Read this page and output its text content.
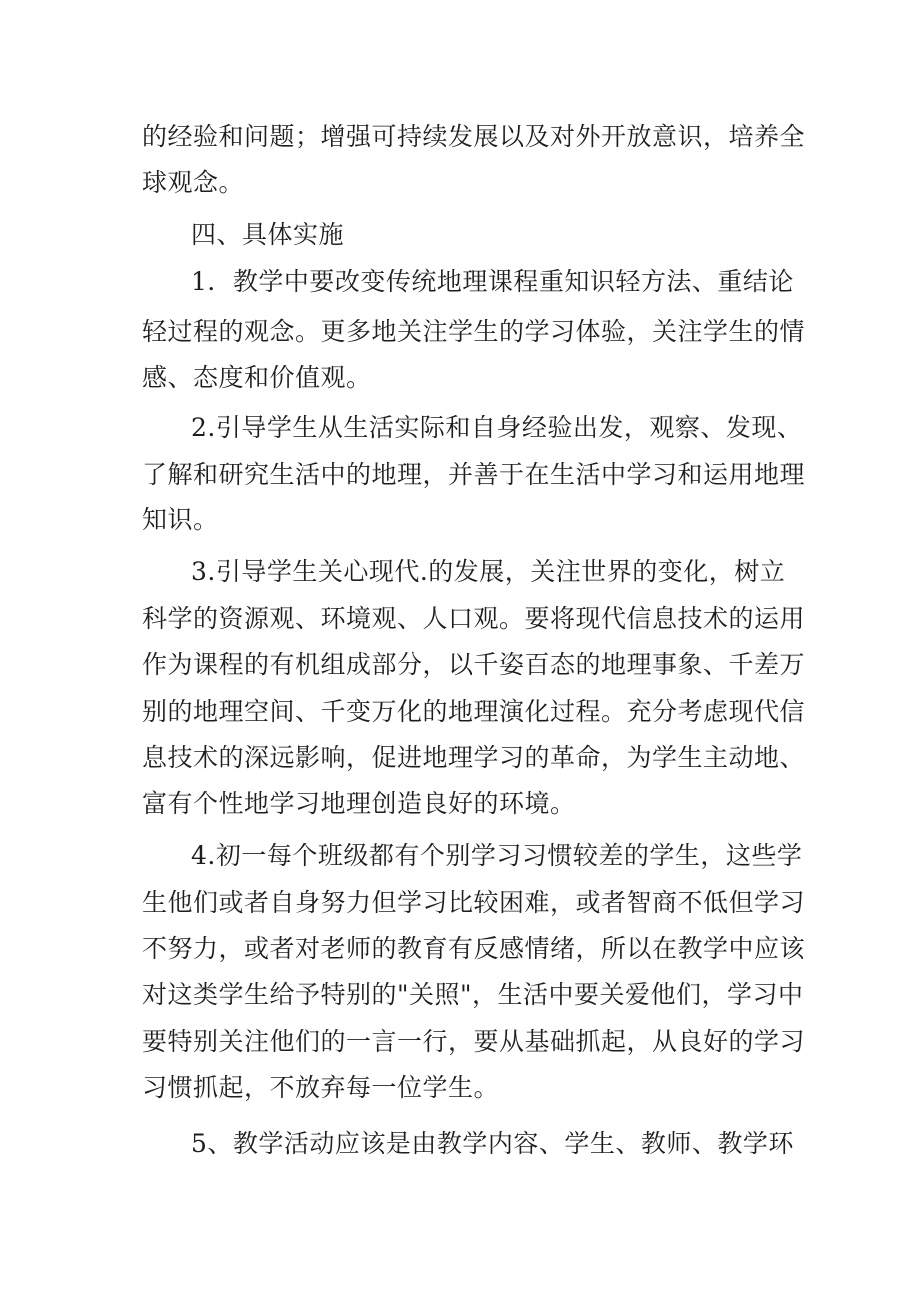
的经验和问题；增强可持续发展以及对外开放意识，培养全
球观念。
四、具体实施
1．教学中要改变传统地理课程重知识轻方法、重结论
轻过程的观念。更多地关注学生的学习体验，关注学生的情
感、态度和价值观。
2.引导学生从生活实际和自身经验出发，观察、发现、
了解和研究生活中的地理，并善于在生活中学习和运用地理
知识。
3.引导学生关心现代.的发展，关注世界的变化，树立
科学的资源观、环境观、人口观。要将现代信息技术的运用
作为课程的有机组成部分，以千姿百态的地理事象、千差万
别的地理空间、千变万化的地理演化过程。充分考虑现代信
息技术的深远影响，促进地理学习的革命，为学生主动地、
富有个性地学习地理创造良好的环境。
4.初一每个班级都有个别学习习惯较差的学生，这些学
生他们或者自身努力但学习比较困难，或者智商不低但学习
不努力，或者对老师的教育有反感情绪，所以在教学中应该
对这类学生给予特别的"关照"，生活中要关爱他们，学习中
要特别关注他们的一言一行，要从基础抓起，从良好的学习
习惯抓起，不放弃每一位学生。
5、教学活动应该是由教学内容、学生、教师、教学环
